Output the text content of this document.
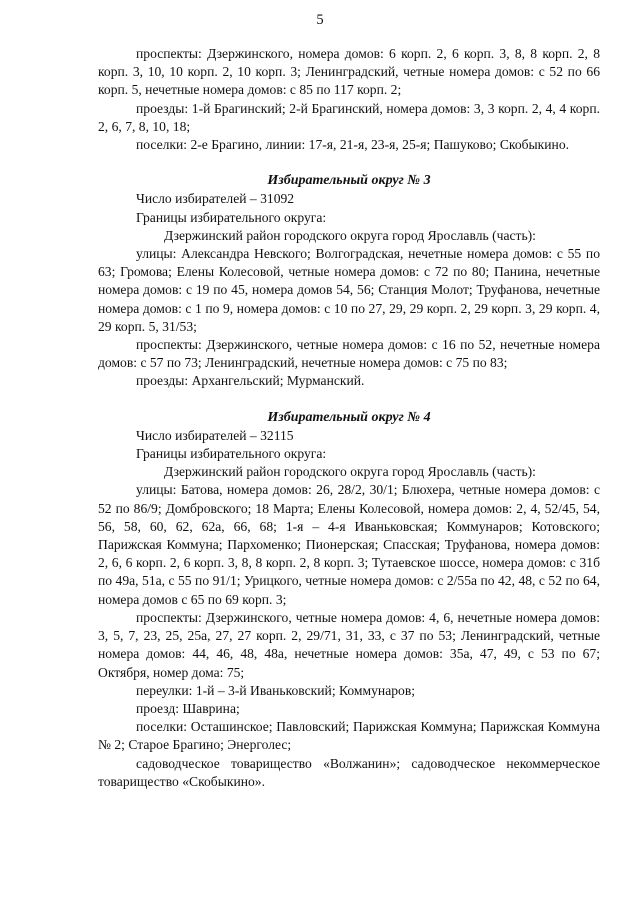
5

проспекты: Дзержинского, номера домов: 6 корп. 2, 6 корп. 3, 8, 8 корп. 2, 8 корп. 3, 10, 10 корп. 2, 10 корп. 3; Ленинградский, четные номера домов: с 52 по 66 корп. 5, нечетные номера домов: с 85 по 117 корп. 2;

проезды: 1-й Брагинский; 2-й Брагинский, номера домов: 3, 3 корп. 2, 4, 4 корп. 2, 6, 7, 8, 10, 18;

поселки: 2-е Брагино, линии: 17-я, 21-я, 23-я, 25-я; Пашуково; Скобыкино.

Избирательный округ № 3

Число избирателей – 31092

Границы избирательного округа:

Дзержинский район городского округа город Ярославль (часть):

улицы: Александра Невского; Волгоградская, нечетные номера домов: с 55 по 63; Громова; Елены Колесовой, четные номера домов: с 72 по 80; Панина, нечетные номера домов: с 19 по 45, номера домов 54, 56; Станция Молот; Труфанова, нечетные номера домов: с 1 по 9, номера домов: с 10 по 27, 29, 29 корп. 2, 29 корп. 3, 29 корп. 4, 29 корп. 5, 31/53;

проспекты: Дзержинского, четные номера домов: с 16 по 52, нечетные номера домов: с 57 по 73; Ленинградский, нечетные номера домов: с 75 по 83;

проезды: Архангельский; Мурманский.

Избирательный округ № 4

Число избирателей – 32115

Границы избирательного округа:

Дзержинский район городского округа город Ярославль (часть):

улицы: Батова, номера домов: 26, 28/2, 30/1; Блюхера, четные номера домов: с 52 по 86/9; Домбровского; 18 Марта; Елены Колесовой, номера домов: 2, 4, 52/45, 54, 56, 58, 60, 62, 62а, 66, 68; 1-я – 4-я Иваньковская; Коммунаров; Котовского; Парижская Коммуна; Пархоменко; Пионерская; Спасская; Труфанова, номера домов: 2, 6, 6 корп. 2, 6 корп. 3, 8, 8 корп. 2, 8 корп. 3; Тутаевское шоссе, номера домов: с 31б по 49а, 51а, с 55 по 91/1; Урицкого, четные номера домов: с 2/55а по 42, 48, с 52 по 64, номера домов с 65 по 69 корп. 3;

проспекты: Дзержинского, четные номера домов: 4, 6, нечетные номера домов: 3, 5, 7, 23, 25, 25а, 27, 27 корп. 2, 29/71, 31, 33, с 37 по 53; Ленинградский, четные номера домов: 44, 46, 48, 48а, нечетные номера домов: 35а, 47, 49, с 53 по 67; Октября, номер дома: 75;

переулки: 1-й – 3-й Иваньковский; Коммунаров;

проезд: Шаврина;

поселки: Осташинское; Павловский; Парижская Коммуна; Парижская Коммуна № 2; Старое Брагино; Энерголес;

садоводческое товарищество «Волжанин»; садоводческое некоммерческое товарищество «Скобыкино».
